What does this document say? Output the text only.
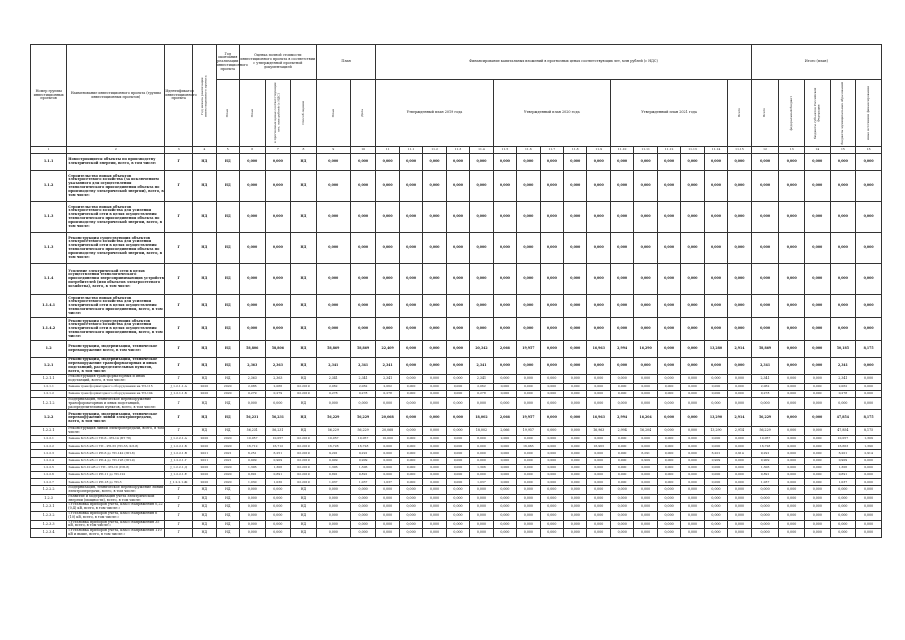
Номер группы инвестиционных проектов	Наименование инвестиционного проекта (группы инвестиционных проектов)	Идентификатор инвестиционного проекта	Год начала реализации инвестиционного проекта	Год окончания реализации инвестиционного проекта	Оценка полной стоимости инвестиционного проекта в соответствии с утвержденной проектной документацией			План		Финансирование капитальных вложений в прогнозных ценах соответствующих лет, млн рублей (с НДС)																Итого (план)				

				План	План	в прогнозных ценах соответствующих лет, млн рублей (с НДС)	Способ оценки	План	Дата	Утвержденный план 2019 года					Утвержденный план 2020 года					Утвержденный план 2021 года					Всего	Всего	федеральный бюджет	бюджеты субъектов Российской Федерации	бюджеты муниципальных образований	иные источники финансирования

1	2	3	4	5	6	7	8	9	10	11	11.1	11.2	11.3	11.4	11.5	11.6	11.7	11.8	11.9	11.10	11.11	11.12	11.13	11.14	11.15	12	13	14	15	16
1.1.1	Новостроящиеся объекты по производству электрической энергии, всего, в том числе:	Г	НД	НД	0,000	0,000	НД	0,000	0,000	0,000	0,000	0,000	0,000	0,000	0,000	0,000	0,000	0,000	0,000	0,000	0,000	0,000	0,000	0,000	0,000	0,000	0,000	0,000	0,000	0,000
1.1.2	Строительство новых объектов электросетевого хозяйства (за исключением указанного для осуществления технологического присоединения объекта по производству электрической энергии), всего, в том числе:	Г	НД	НД	0,000	0,000	НД	0,000	0,000	0,000	0,000	0,000	0,000	0,000	0,000	0,000	0,000	0,000	0,000	0,000	0,000	0,000	0,000	0,000	0,000	0,000	0,000	0,000	0,000	0,000
1.1.3	Строительство новых объектов электросетевого хозяйства для усиления электрической сети в целях осуществления технологического присоединения объекта по производству электрической энергии, всего, в том числе:	Г	НД	НД	0,000	0,000	НД	0,000	0,000	0,000	0,000	0,000	0,000	0,000	0,000	0,000	0,000	0,000	0,000	0,000	0,000	0,000	0,000	0,000	0,000	0,000	0,000	0,000	0,000	0,000
1.1.3	Реконструкция существующих объектов электросетевого хозяйства для усиления электрической сети в целях осуществления технологического присоединения объекта по производству электрической энергии, всего, в том числе:	Г	НД	НД	0,000	0,000	НД	0,000	0,000	0,000	0,000	0,000	0,000	0,000	0,000	0,000	0,000	0,000	0,000	0,000	0,000	0,000	0,000	0,000	0,000	0,000	0,000	0,000	0,000	0,000
1.1.4	Усиление электрической сети в целях осуществления технологического присоединения энергопринимающих устройств потребителей (или объектов электросетевого хозяйства), всего, в том числе:	Г	НД	НД	0,000	0,000	НД	0,000	0,000	0,000	0,000	0,000	0,000	0,000	0,000	0,000	0,000	0,000	0,000	0,000	0,000	0,000	0,000	0,000	0,000	0,000	0,000	0,000	0,000	0,000
1.1.4.1	Строительство новых объектов электросетевого хозяйства для усиления электрической сети в целях осуществления технологического присоединения, всего, в том числе:	Г	НД	НД	0,000	0,000	НД	0,000	0,000	0,000	0,000	0,000	0,000	0,000	0,000	0,000	0,000	0,000	0,000	0,000	0,000	0,000	0,000	0,000	0,000	0,000	0,000	0,000	0,000	0,000
1.1.4.2	Реконструкция существующих объектов электросетевого хозяйства для усиления электрической сети в целях осуществления технологического присоединения, всего, в том числе:	Г	НД	НД	0,000	0,000	НД	0,000	0,000	0,000	0,000	0,000	0,000	0,000	0,000	0,000	0,000	0,000	0,000	0,000	0,000	0,000	0,000	0,000	0,000	0,000	0,000	0,000	0,000	0,000
1.2	Реконструкция, модернизация, техническое перевооружение всего, в том числе:	Г	НД	НД	58,806	58,806	НД	58,869	58,869	22,409	0,000	0,000	0,000	20,342	2,066	19,957	0,000	0,000	16,963	2,994	16,290	0,000	0,000	13,280	2,914	58,869	0,000	0,000	50,185	8,175
1.2.1	Реконструкция, модернизация, техническое перевооружение трансформаторных и иных подстанций, распределительных пунктов, всего, в том числе:	Г	НД	НД	2,363	2,363	НД	2,341	2,341	2,341	0,000	0,000	0,000	2,341	0,000	0,000	0,000	0,000	0,000	0,000	0,000	0,000	0,000	0,000	0,000	2,341	0,000	0,000	2,341	0,000
1.2.1.1	Реконструкция трансформаторных и иных подстанций, всего, в том числе:	Г	НД	НД	2,363	2,363	НД	2,341	2,341	2,341	0,000	0,000	0,000	2,341	0,000	0,000	0,000	0,000	0,000	0,000	0,000	0,000	0,000	0,000	0,000	2,341	0,000	0,000	2,341	0,000
1.2.1.1	Замена трансформаторного оборудования на ТП-115	J_1.2.1.1.А	2020	2020	2,086	2,086	02.2019	2,062	2,062	2,062	0,000	0,000	0,000	2,062	0,000	0,000	0,000	0,000	0,000	0,000	0,000	0,000	0,000	0,000	0,000	2,062	0,000	0,000	2,062	0,000
1.2.1.2	Замена трансформаторного оборудования на ТП-104	J_1.2.1.1.Б	2020	2020	0,279	0,279	02.2019	0,278	0,278	0,278	0,000	0,000	0,000	0,278	0,000	0,000	0,000	0,000	0,000	0,000	0,000	0,000	0,000	0,000	0,000	0,278	0,000	0,000	0,278	0,000
1.2.1.2	Модернизация, техническое перевооружение трансформаторных и иных подстанций, распределительных пунктов, всего, в том числе:	Г	НД	НД	0,000	0,000	НД	0,000	0,000	0,000	0,000	0,000	0,000	0,000	0,000	0,000	0,000	0,000	0,000	0,000	0,000	0,000	0,000	0,000	0,000	0,000	0,000	0,000	0,000	0,000
1.2.2	Реконструкция, модернизация, техническое перевооружение линий электропередачи, всего, в том числе:	Г	НД	НД	56,231	56,231	НД	56,229	56,229	20,068	0,000	0,000	0,000	18,002	2,066	19,957	0,000	0,000	16,963	2,994	16,204	0,000	0,000	13,290	2,914	56,229	0,000	0,000	47,854	8,175
1.2.2.1	Реконструкция линий электропередачи, всего, в том числе:	Г	НД	НД	56,231	56,231	НД	56,229	56,229	20,068	0,000	0,000	0,000	18,002	2,066	19,957	0,000	0,000	16,963	2,994	16,204	0,000	0,000	13,290	2,914	56,229	0,000	0,000	47,854	8,175
1.2.2.1	Замена КЛ-6 кВ от ТП-6 - РП-14 (БТ 78)	J_1.2.2.1.А	2020	2020	10,057	10,057	02.2019	10,057	10,057	10,000	0,000	0,000	0,000	8,000	2,000	0,000	0,000	0,000	0,000	0,000	0,000	0,000	0,000	0,000	0,000	10,057	0,000	0,000	10,057	1,309
1.2.2.2	Замена КЛ-6 кВ от ТП - РП-33 (ТП-33, КЛ-8)	J_1.2.2.1.Б	2020	2020	16,712	16,712	02.2019	16,728	16,728	0,000	0,000	0,000	0,000	0,000	0,000	16,963	0,000	0,000	16,963	0,000	0,000	0,000	0,000	0,000	0,000	16,728	0,000	0,000	16,663	1,390
1.2.2.3	Замена КЛ-6 кВ от РП-6 до ТП-142 (ПП-8)	J_1.2.2.1.В	2021	2021	6,251	6,251	02.2019	9,291	9,291	0,000	0,000	0,000	0,000	0,000	0,000	0,000	0,000	0,000	0,000	0,000	6,291	0,000	0,000	6,201	2,914	9,291	0,000	0,000	6,201	2,914
1.2.2.4	Замена КЛ-6 кВ от РП-4 до ТП-193 (ПП-9)	J_1.2.2.1.Г	2021	2021	0,909	0,909	02.2019	0,909	0,909	0,000	0,000	0,000	0,000	0,000	0,000	0,000	0,000	0,000	0,000	0,000	0,909	0,000	0,000	0,909	0,000	0,909	0,000	0,000	0,909	0,000
1.2.2.5	Замена КЛ-10 кВ от ТП - РП-10 (ПП-8)	J_1.2.2.1.Д	2020	2020	1,306	1,306	02.2019	1,306	1,306	0,000	0,000	0,000	0,000	1,306	0,000	0,000	0,000	0,000	0,000	0,000	0,000	0,000	0,000	0,000	0,000	1,306	0,000	0,000	1,306	0,000
1.2.2.6	Замена КЛ-6 кВ от РП-11 до ТП-122	J_1.2.2.1.Е	2020	2020	0,891	0,891	02.2019	0,891	0,891	0,000	0,000	0,000	0,000	0,000	0,000	0,000	0,000	0,000	0,000	0,000	0,000	0,000	0,000	0,000	0,000	0,891	0,000	0,000	0,891	0,000
1.2.2.7	Замена КЛ-6 кВ от РП-18 до ТП-3	J_1.2.2.1.Ж	2020	2020	1,030	1,030	02.2019	1,037	1,037	1,037	0,000	0,000	0,000	1,037	0,000	0,000	0,000	0,000	0,000	0,000	0,000	0,000	0,000	0,000	0,000	1,037	0,000	0,000	1,037	0,000
1.2.2.2	Модернизация, техническое перевооружение линий электропередачи, всего, в том числе:	Г	НД	НД	0,000	0,000	НД	0,000	0,000	0,000	0,000	0,000	0,000	0,000	0,000	0,000	0,000	0,000	0,000	0,000	0,000	0,000	0,000	0,000	0,000	0,000	0,000	0,000	0,000	0,000
1.2.3	Развитие и модернизация учета электрической энергии (мощности), всего, в том числе:	Г	НД	НД	0,000	0,000	НД	0,000	0,000	0,000	0,000	0,000	0,000	0,000	0,000	0,000	0,000	0,000	0,000	0,000	0,000	0,000	0,000	0,000	0,000	0,000	0,000	0,000	0,000	0,000
1.2.3.1	«Установка приборов учета, класс напряжения 0,22 (0,4) кВ, всего, в том числе:»	Г	НД	НД	0,000	0,000	НД	0,000	0,000	0,000	0,000	0,000	0,000	0,000	0,000	0,000	0,000	0,000	0,000	0,000	0,000	0,000	0,000	0,000	0,000	0,000	0,000	0,000	0,000	0,000
1.2.3.2	«Установка приборов учета, класс напряжения 6 (10) кВ, всего, в том числе:»	Г	НД	НД	0,000	0,000	НД	0,000	0,000	0,000	0,000	0,000	0,000	0,000	0,000	0,000	0,000	0,000	0,000	0,000	0,000	0,000	0,000	0,000	0,000	0,000	0,000	0,000	0,000	0,000
1.2.3.3	«Установка приборов учета, класс напряжения 35 кВ, всего, в том числе:»	Г	НД	НД	0,000	0,000	НД	0,000	0,000	0,000	0,000	0,000	0,000	0,000	0,000	0,000	0,000	0,000	0,000	0,000	0,000	0,000	0,000	0,000	0,000	0,000	0,000	0,000	0,000	0,000
1.2.3.4	«Установка приборов учета, класс напряжения 110 кВ и выше, всего, в том числе:»	Г	НД	НД	0,000	0,000	НД	0,000	0,000	0,000	0,000	0,000	0,000	0,000	0,000	0,000	0,000	0,000	0,000	0,000	0,000	0,000	0,000	0,000	0,000	0,000	0,000	0,000	0,000	0,000
